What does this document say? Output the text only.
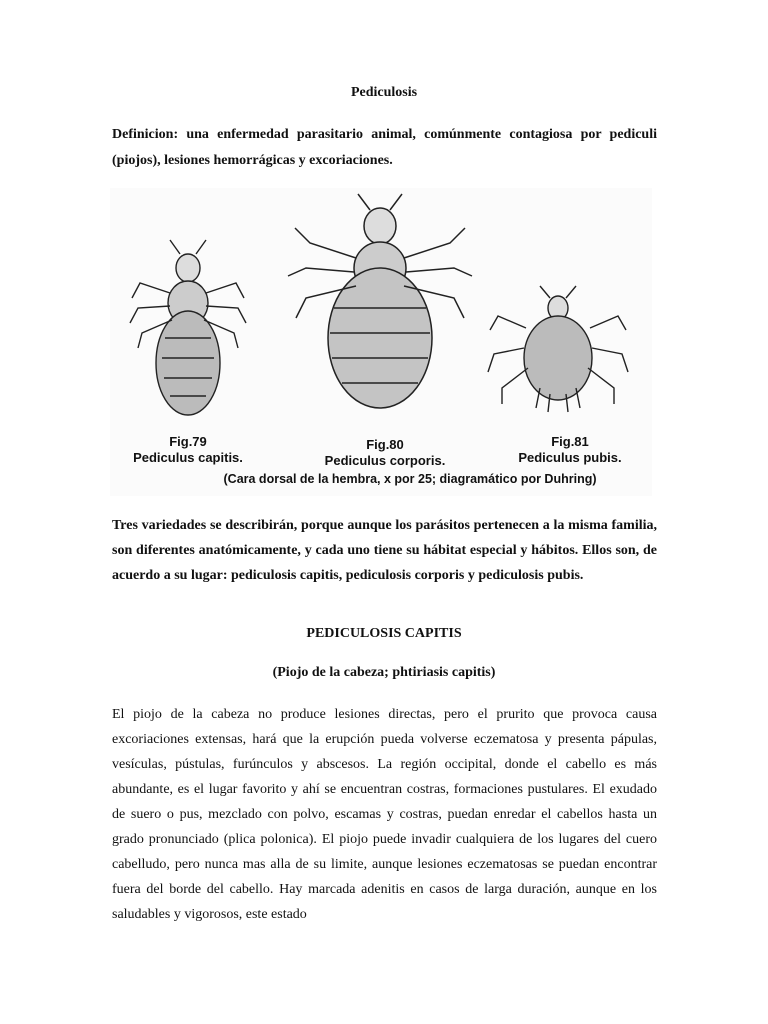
Pediculosis
Definicion: una enfermedad parasitario animal, comúnmente contagiosa por pediculi (piojos), lesiones hemorrágicas y excoriaciones.
Fig.79
Pediculus capitis.
Fig.80
Pediculus corporis.
Fig.81
Pediculus pubis.
(Cara dorsal de la hembra, x por 25; diagramático por Duhring)
Tres variedades se describirán, porque aunque los parásitos pertenecen a la misma familia, son diferentes anatómicamente, y cada uno tiene su hábitat especial y hábitos. Ellos son, de acuerdo a su lugar: pediculosis capitis, pediculosis corporis y pediculosis pubis.
PEDICULOSIS CAPITIS
(Piojo de la cabeza; phtiriasis capitis)
El piojo de la cabeza no produce lesiones directas, pero el prurito que provoca causa excoriaciones extensas, hará que la erupción pueda volverse eczematosa y presenta pápulas, vesículas, pústulas, furúnculos y abscesos. La región occipital, donde el cabello es más abundante, es el lugar favorito y ahí se encuentran costras, formaciones pustulares. El exudado de suero o pus, mezclado con polvo, escamas y costras, puedan enredar el cabellos hasta un grado pronunciado (plica polonica). El piojo puede invadir cualquiera de los lugares del cuero cabelludo, pero nunca mas alla de su limite, aunque lesiones eczematosas se puedan encontrar fuera del borde del cabello. Hay marcada adenitis en casos de larga duración, aunque en los saludables y vigorosos, este estado
